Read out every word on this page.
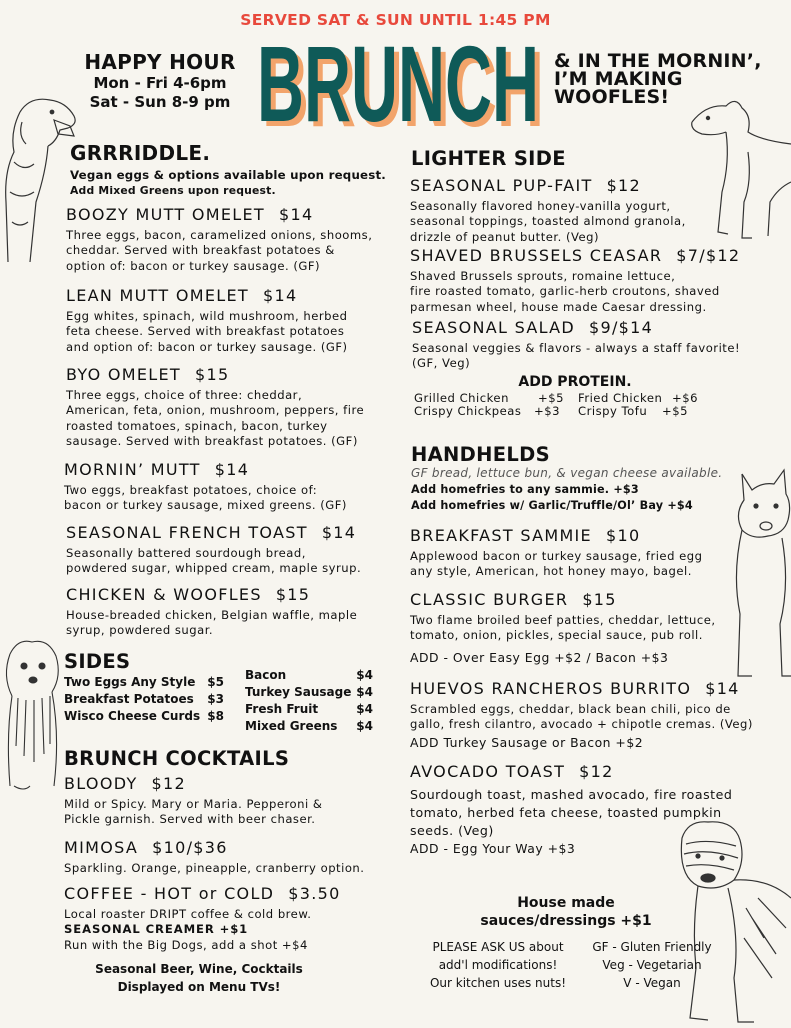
SERVED SAT & SUN UNTIL 1:45 PM
HAPPY HOUR
Mon - Fri 4-6pm
Sat - Sun 8-9 pm BRUNCH
BRUNCH & IN THE MORNIN’,
I’M MAKING
WOOFLES!
GRRRIDDLE.
Vegan eggs & options available upon request.
Add Mixed Greens upon request.
BOOZY MUTT OMELET $14
Three eggs, bacon, caramelized onions, shooms,
cheddar. Served with breakfast potatoes &
option of: bacon or turkey sausage. (GF)
LEAN MUTT OMELET $14
Egg whites, spinach, wild mushroom, herbed
feta cheese. Served with breakfast potatoes
and option of: bacon or turkey sausage. (GF)
BYO OMELET $15
Three eggs, choice of three: cheddar,
American, feta, onion, mushroom, peppers, fire
roasted tomatoes, spinach, bacon, turkey
sausage. Served with breakfast potatoes. (GF)
MORNIN’ MUTT $14
Two eggs, breakfast potatoes, choice of:
bacon or turkey sausage, mixed greens. (GF)
SEASONAL FRENCH TOAST $14
Seasonally battered sourdough bread,
powdered sugar, whipped cream, maple syrup.
CHICKEN & WOOFLES $15
House-breaded chicken, Belgian waffle, maple
syrup, powdered sugar.
SIDES
Two Eggs Any Style $5
Breakfast Potatoes $3
Wisco Cheese Curds $8
Bacon	$4
Turkey Sausage $4
Fresh Fruit	$4
Mixed Greens $4
BRUNCH COCKTAILS
BLOODY $12
Mild or Spicy. Mary or Maria. Pepperoni &
Pickle garnish. Served with beer chaser.
MIMOSA $10/$36
Sparkling. Orange, pineapple, cranberry option.
COFFEE - HOT or COLD $3.50
Local roaster DRIPT coffee & cold brew.
SEASONAL CREAMER +$1
Run with the Big Dogs, add a shot +$4
Seasonal Beer, Wine, Cocktails
Displayed on Menu TVs!
LIGHTER SIDE
SEASONAL PUP-FAIT $12
Seasonally flavored honey-vanilla yogurt,
seasonal toppings, toasted almond granola,
drizzle of peanut butter. (Veg)
SHAVED BRUSSELS CEASAR $7/$12
Shaved Brussels sprouts, romaine lettuce,
fire roasted tomato, garlic-herb croutons, shaved
parmesan wheel, house made Caesar dressing.
SEASONAL SALAD $9/$14
Seasonal veggies & flavors - always a staff favorite!
(GF, Veg)
ADD PROTEIN.
Grilled Chicken	+$5 Fried Chicken +$6
Crispy Chickpeas +$3 Crispy Tofu +$5
HANDHELDS
GF bread, lettuce bun, & vegan cheese available.
Add homefries to any sammie. +$3
Add homefries w/ Garlic/Truffle/Ol’ Bay +$4
BREAKFAST SAMMIE $10
Applewood bacon or turkey sausage, fried egg
any style, American, hot honey mayo, bagel.
CLASSIC BURGER $15
Two flame broiled beef patties, cheddar, lettuce,
tomato, onion, pickles, special sauce, pub roll.
ADD - Over Easy Egg +$2 / Bacon +$3
HUEVOS RANCHEROS BURRITO $14
Scrambled eggs, cheddar, black bean chili, pico de
gallo, fresh cilantro, avocado + chipotle cremas. (Veg)
ADD Turkey Sausage or Bacon +$2
AVOCADO TOAST $12
Sourdough toast, mashed avocado, fire roasted
tomato, herbed feta cheese, toasted pumpkin
seeds. (Veg)
ADD - Egg Your Way +$3
House made
sauces/dressings +$1
PLEASE ASK US about
add'l modifications!
Our kitchen uses nuts!
GF - Gluten Friendly
Veg - Vegetarian
V - Vegan
